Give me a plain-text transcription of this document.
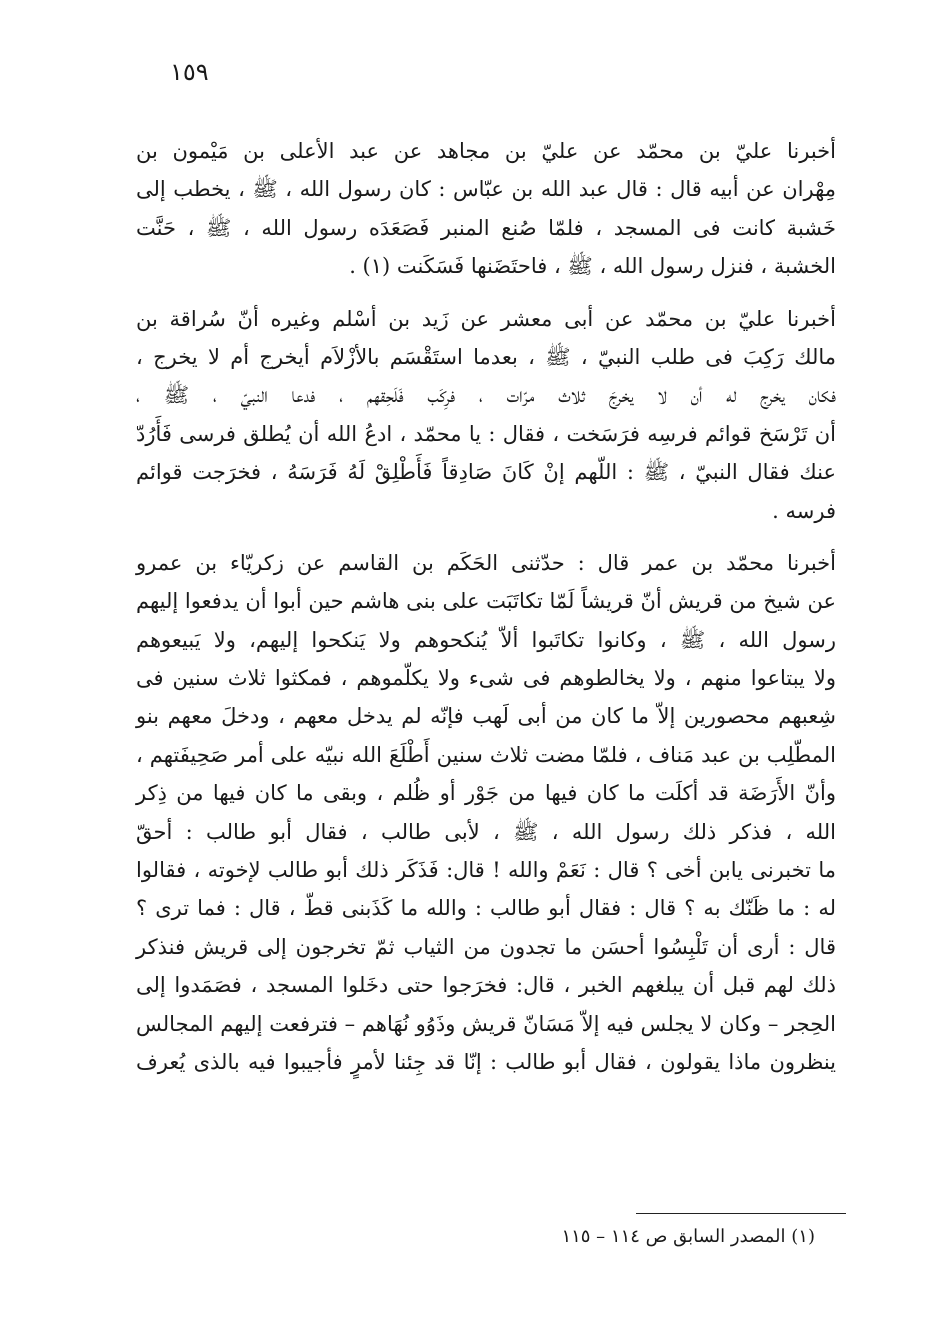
١٥٩
أخبرنا عليّ بن محمّد عن عليّ بن مجاهد عن عبد الأعلى بن مَيْمون بن
مِهْران عن أبيه قال : قال عبد الله بن عبّاس : كان رسول الله ، ﷺ ، يخطب إلى
خَشبة كانت فى المسجد ، فلمّا صُنع المنبر فَصَعَدَه رسول الله ، ﷺ ، حَنَّت
الخشبة ، فنزل رسول الله ، ﷺ ، فاحتَضَنها فَسَكَنت (١) .
أخبرنا عليّ بن محمّد عن أبى معشر عن زَيد بن أسْلم وغيره أنّ سُراقة بن
مالك رَكِبَ فى طلب النبيّ ، ﷺ ، بعدما استَقْسَم بالأزْلاَم أيخرج أم لا يخرج ،
فكان يخرج له أن لا يخرجَ ثلاث مرّات ، فرِكَب فَلَحِقهم ، فدعا النبيّ ، ﷺ ،
أن تَرْسَخ قوائم فرسِه فرَسَخت ، فقال : يا محمّد ، ادعُ الله أن يُطلق فرسى فَأَرُدّ
عنك فقال النبيّ ، ﷺ : اللّهم إنْ كَانَ صَادِقاً فَأَطْلِقْ لَهُ فَرَسَهُ ، فخرَجت قوائم
فرسه .
أخبرنا محمّد بن عمر قال : حدّثنى الحَكَم بن القاسم عن زكريّاء بن عمرو
عن شيخ من قريش أنّ قريشاً لَمّا تكاتَبَت على بنى هاشم حين أبوا أن يدفعوا إليهم
رسول الله ، ﷺ ، وكانوا تكاتَبوا ألاّ يُنكحوهم ولا يَنكحوا إليهم، ولا يَبيعوهم
ولا يبتاعوا منهم ، ولا يخالطوهم فى شىء ولا يكلّموهم ، فمكثوا ثلاث سنين فى
شِعبهم محصورين إلاّ ما كان من أبى لَهب فإنّه لم يدخل معهم ، ودخلَ معهم بنو
المطّلِب بن عبد مَناف ، فلمّا مضت ثلاث سنين أَطْلَعَ الله نبيّه على أمر صَحِيفَتهم ،
وأنّ الأَرَضَة قد أكلَت ما كان فيها من جَوْر أو ظُلم ، وبقى ما كان فيها من ذِكر
الله ، فذكر ذلك رسول الله ، ﷺ ، لأبى طالب ، فقال أبو طالب : أحقّ
ما تخبرنى يابن أخى ؟ قال : نَعَمْ والله ! قال: فَذَكَر ذلك أبو طالب لإخوته ، فقالوا
له : ما ظَنّك به ؟ قال : فقال أبو طالب : والله ما كَذَبنى قطّ ، قال : فما ترى ؟
قال : أرى أن تَلْبِسُوا أحسَن ما تجدون من الثياب ثمّ تخرجون إلى قريش فنذكر
ذلك لهم قبل أن يبلغهم الخبر ، قال: فخرَجوا حتى دخَلوا المسجد ، فصَمَدوا إلى
الحِجر – وكان لا يجلس فيه إلاّ مَسَانّ قريش وذَوُو نُهَاهم – فترفعت إليهم المجالس
ينظرون ماذا يقولون ، فقال أبو طالب : إنّا قد جِئنا لأمرٍ فأجيبوا فيه بالذى يُعرف
(١) المصدر السابق ص ١١٤ – ١١٥
